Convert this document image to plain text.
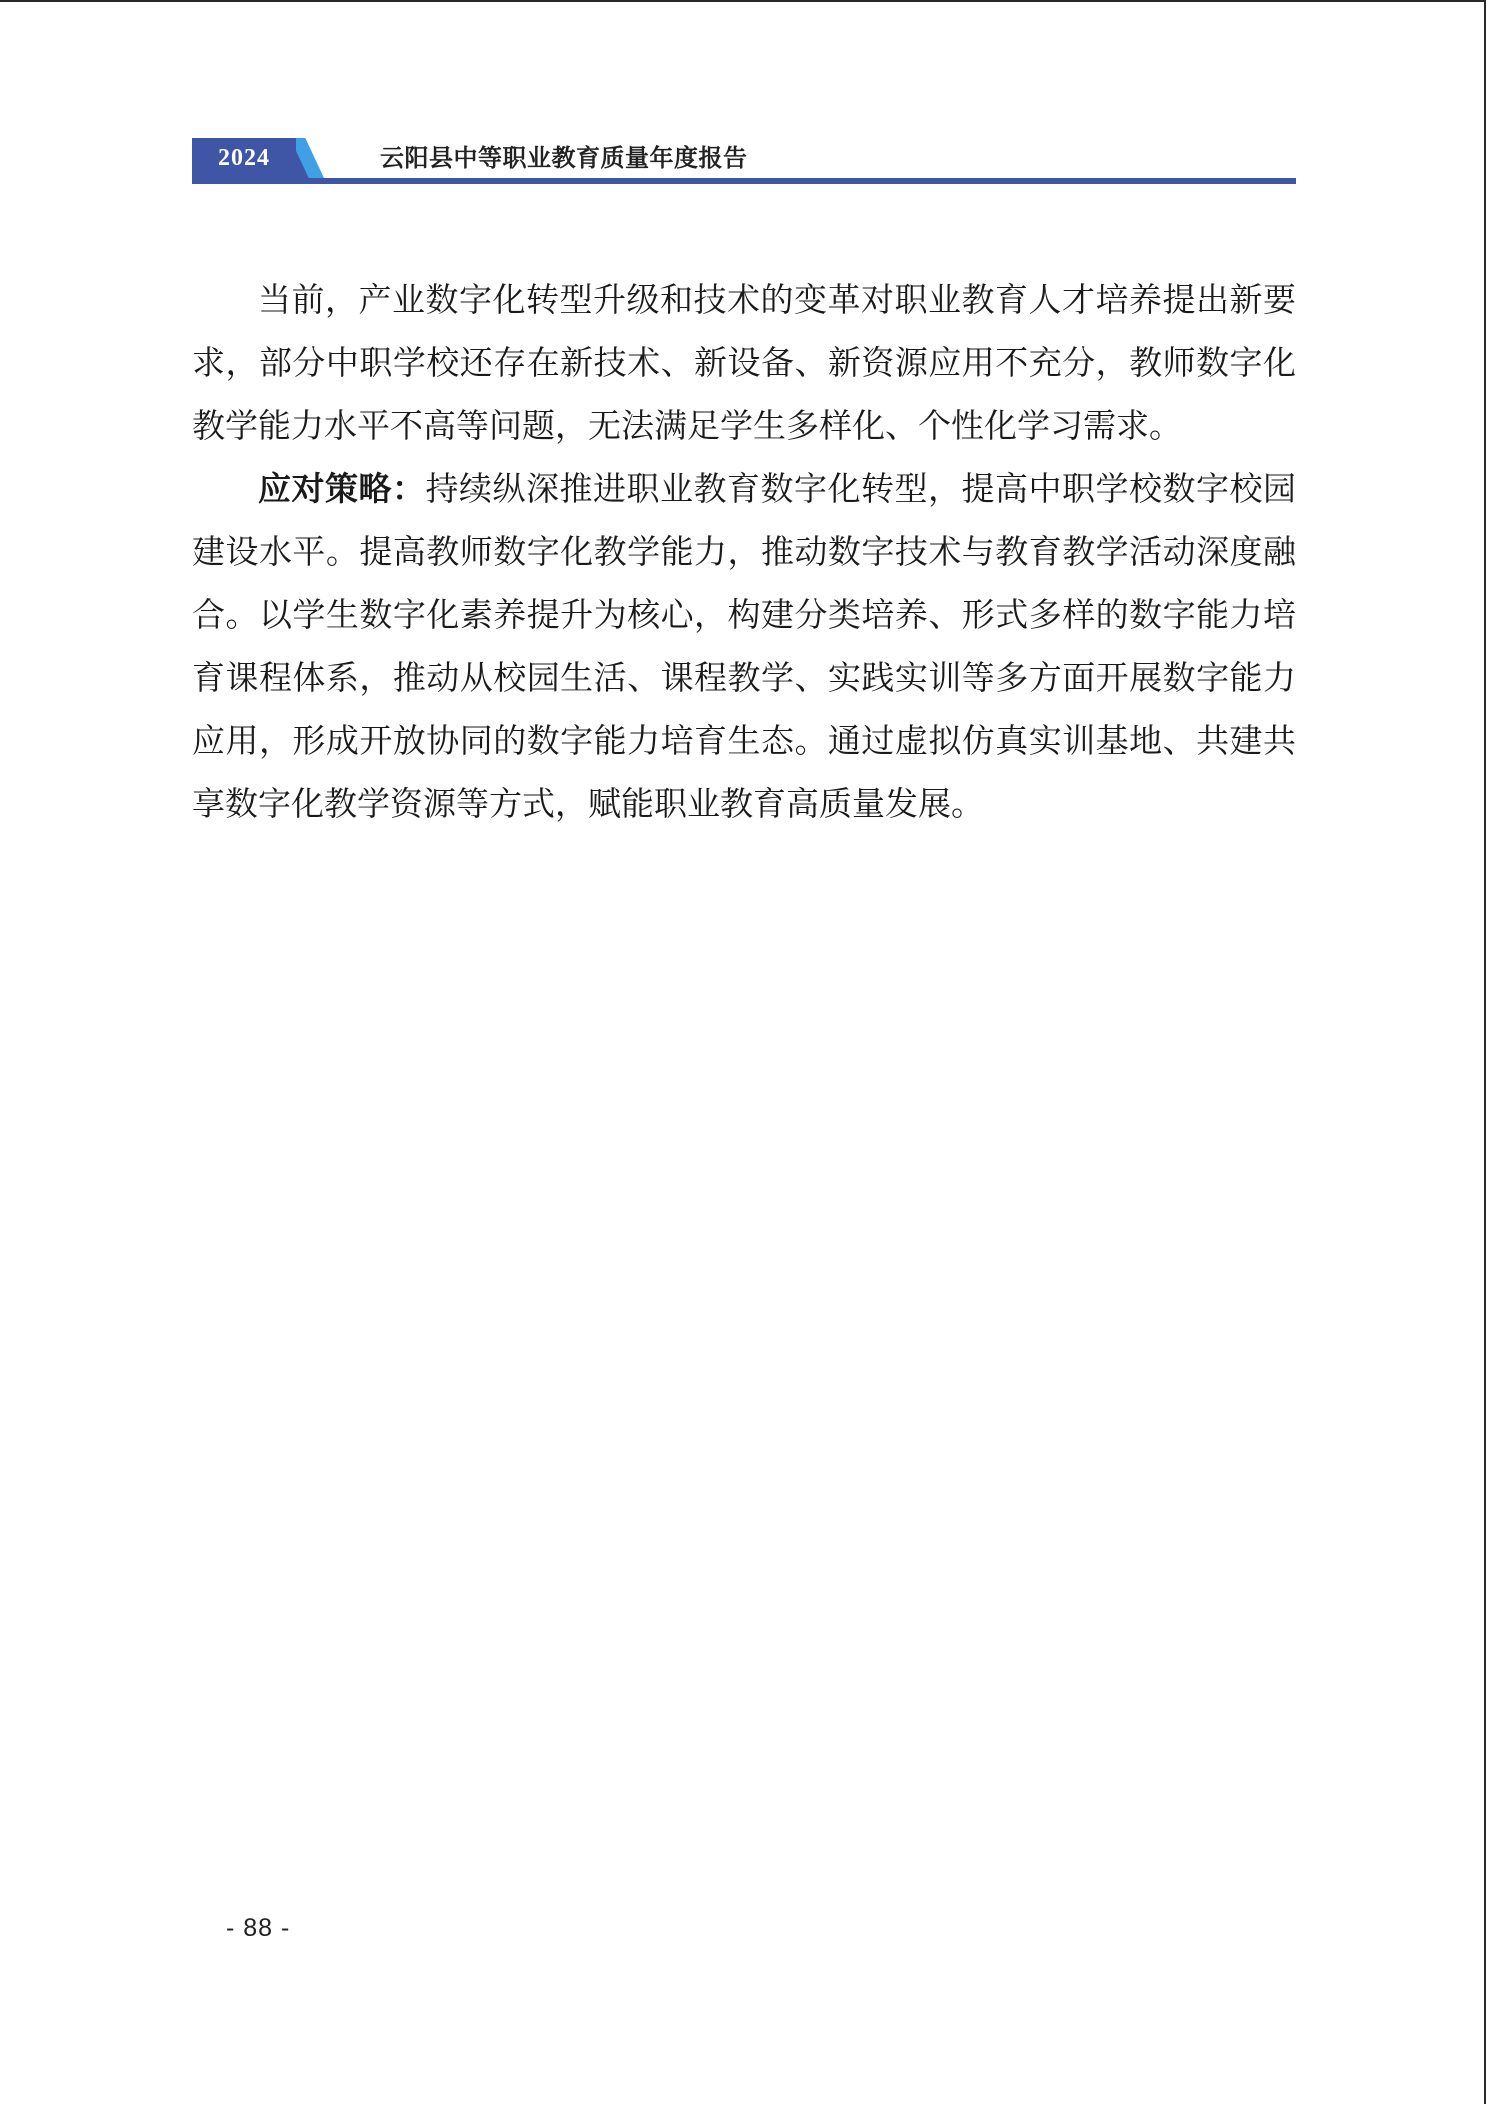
2024	云阳县中等职业教育质量年度报告

当前，产业数字化转型升级和技术的变革对职业教育人才培养提出新要求，部分中职学校还存在新技术、新设备、新资源应用不充分，教师数字化教学能力水平不高等问题，无法满足学生多样化、个性化学习需求。

应对策略：持续纵深推进职业教育数字化转型，提高中职学校数字校园建设水平。提高教师数字化教学能力，推动数字技术与教育教学活动深度融合。以学生数字化素养提升为核心，构建分类培养、形式多样的数字能力培育课程体系，推动从校园生活、课程教学、实践实训等多方面开展数字能力应用，形成开放协同的数字能力培育生态。通过虚拟仿真实训基地、共建共享数字化教学资源等方式，赋能职业教育高质量发展。

- 88 -
